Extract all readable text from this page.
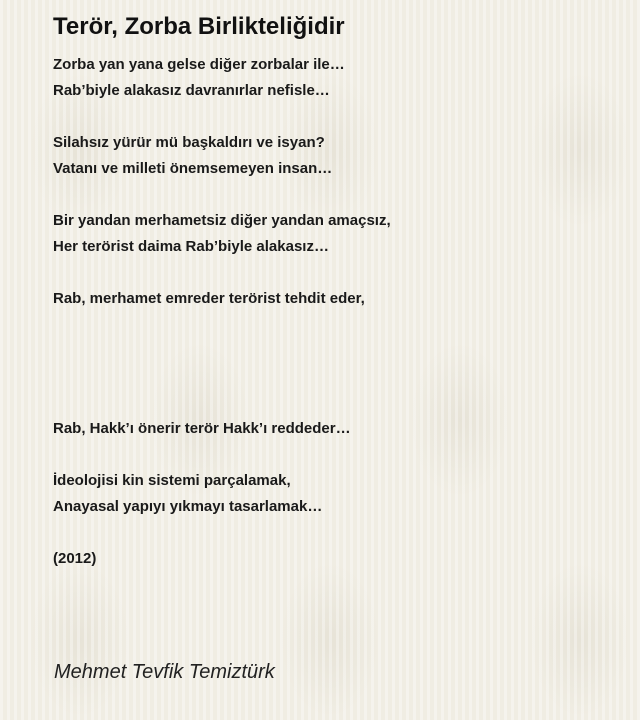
Terör, Zorba Birlikteliğidir
Zorba yan yana gelse diğer zorbalar ile…
Rab’biyle alakasız davranırlar nefisle…
Silahsız yürür mü başkaldırı ve isyan?
Vatanı ve milleti önemsemeyen insan…
Bir yandan merhametsiz diğer yandan amaçsız,
Her terörist daima Rab’biyle alakasız…
Rab, merhamet emreder terörist tehdit eder,
Rab, Hakk’ı önerir terör Hakk’ı reddeder…
İdeolojisi kin sistemi parçalamak,
Anayasal yapıyı yıkmayı tasarlamak…
(2012)
Mehmet Tevfik Temiztürk
